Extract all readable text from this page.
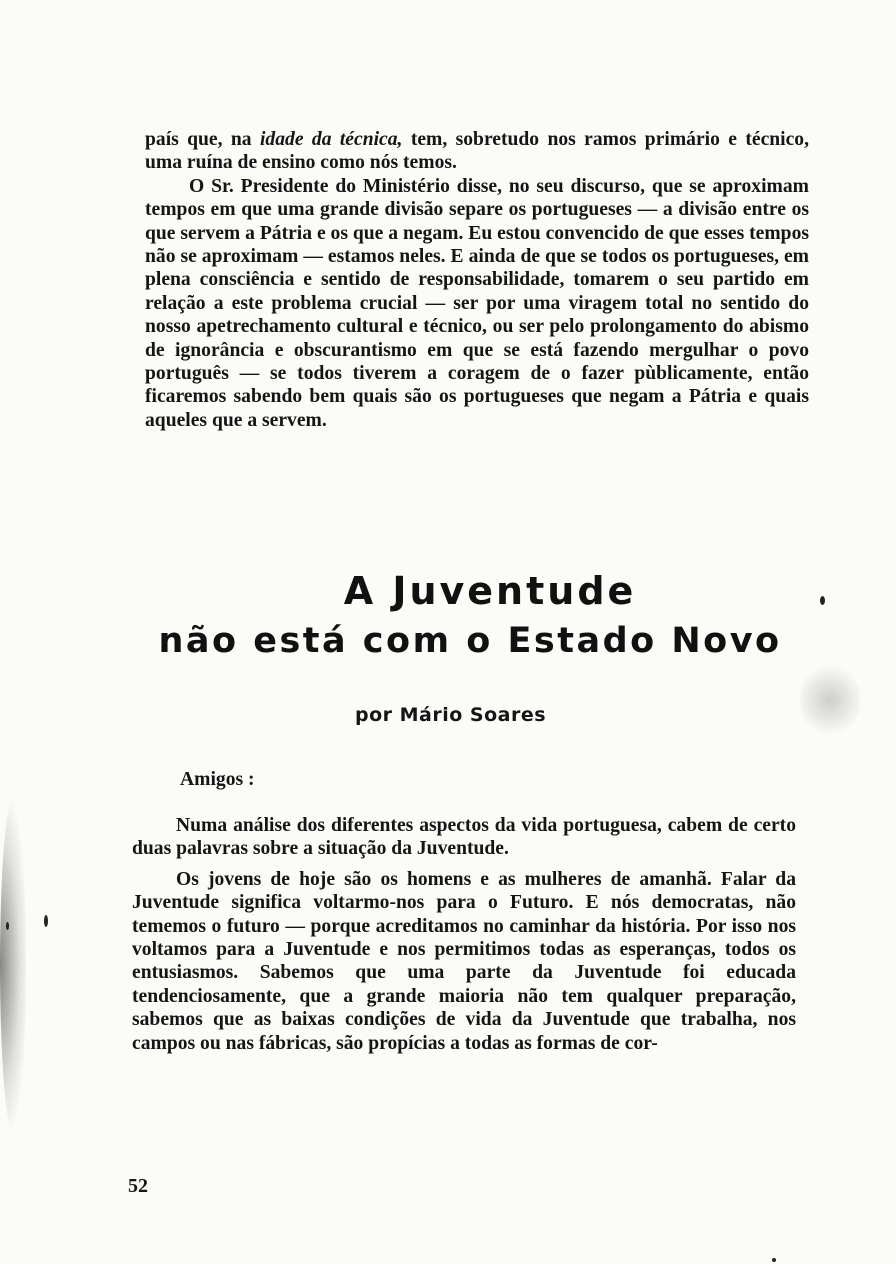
país que, na idade da técnica, tem, sobretudo nos ramos primário e técnico, uma ruína de ensino como nós temos.

O Sr. Presidente do Ministério disse, no seu discurso, que se aproximam tempos em que uma grande divisão separe os portugueses — a divisão entre os que servem a Pátria e os que a negam. Eu estou convencido de que esses tempos não se aproximam — estamos neles. E ainda de que se todos os portugueses, em plena consciência e sentido de responsabilidade, tomarem o seu partido em relação a este problema crucial — ser por uma viragem total no sentido do nosso apetrechamento cultural e técnico, ou ser pelo prolongamento do abismo de ignorância e obscurantismo em que se está fazendo mergulhar o povo português — se todos tiverem a coragem de o fazer pùblicamente, então ficaremos sabendo bem quais são os portugueses que negam a Pátria e quais aqueles que a servem.

A Juventude
não está com o Estado Novo
por Mário Soares
Amigos :

Numa análise dos diferentes aspectos da vida portuguesa, cabem de certo duas palavras sobre a situação da Juventude.

Os jovens de hoje são os homens e as mulheres de amanhã. Falar da Juventude significa voltarmo-nos para o Futuro. E nós democratas, não tememos o futuro — porque acreditamos no caminhar da história. Por isso nos voltamos para a Juventude e nos permitimos todas as esperanças, todos os entusiasmos. Sabemos que uma parte da Juventude foi educada tendenciosamente, que a grande maioria não tem qualquer preparação, sabemos que as baixas condições de vida da Juventude que trabalha, nos campos ou nas fábricas, são propícias a todas as formas de cor-

52
